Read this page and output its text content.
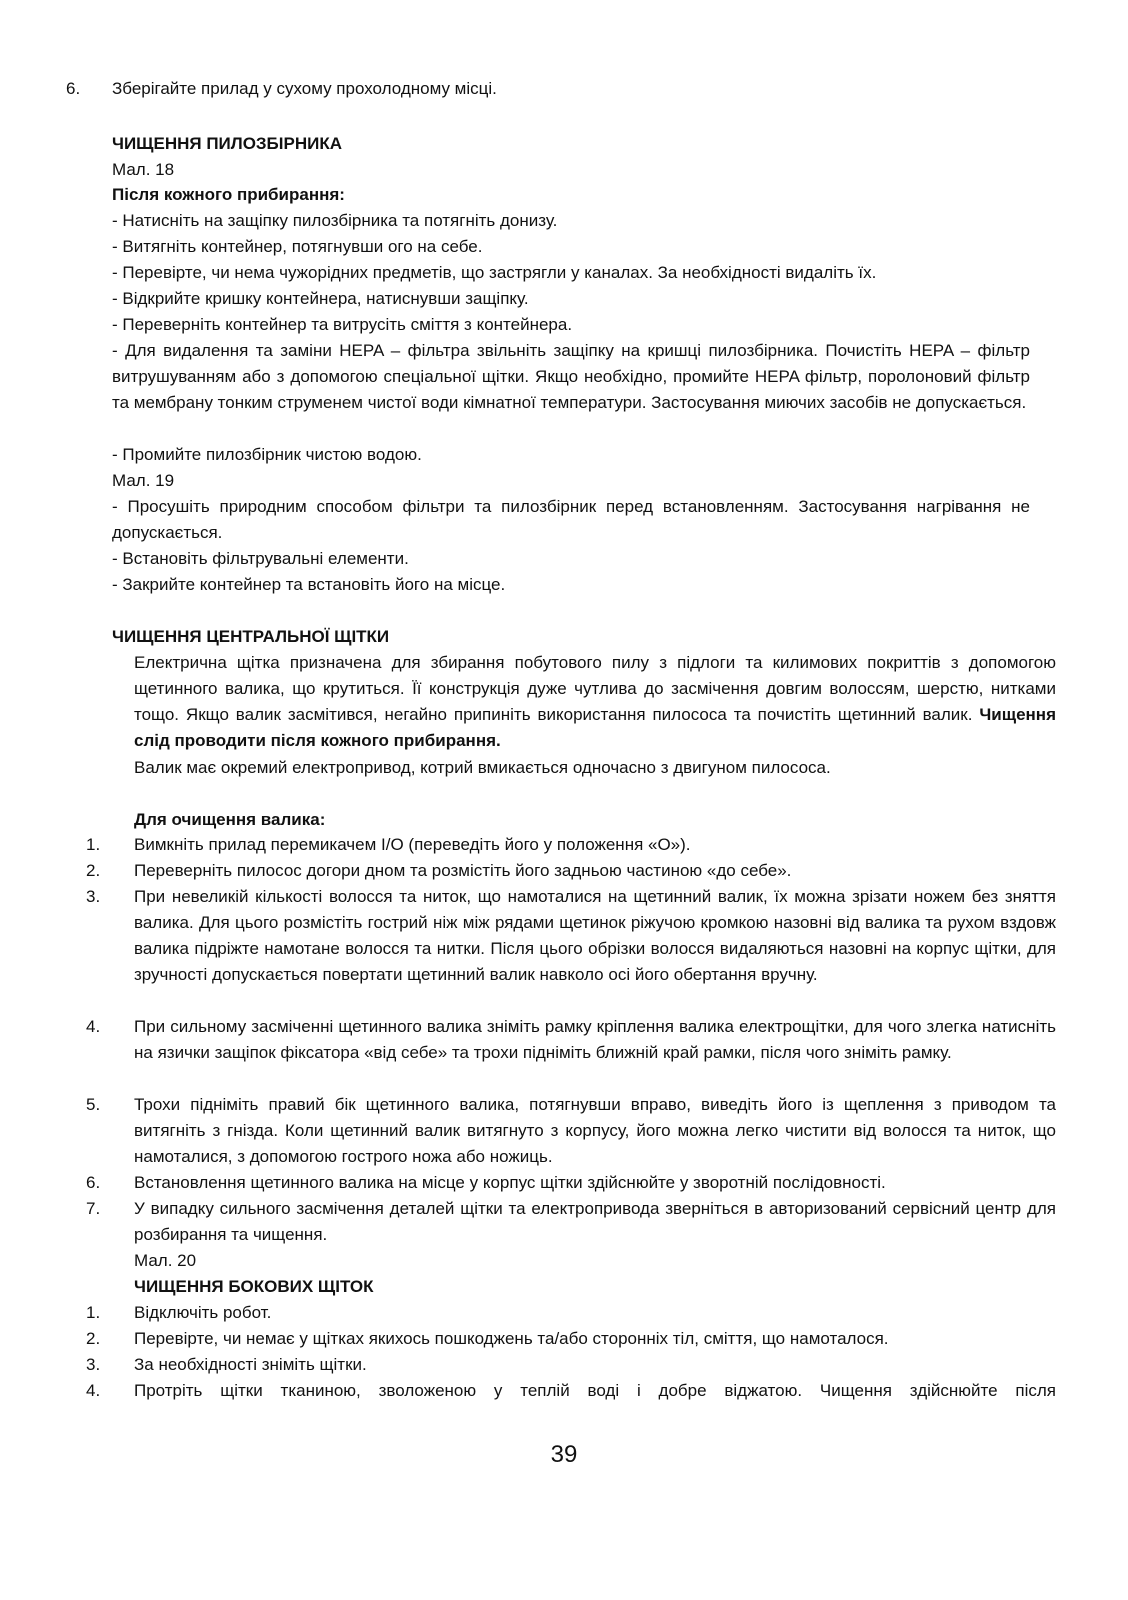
6. Зберігайте прилад у сухому прохолодному місці.
ЧИЩЕННЯ ПИЛОЗБІРНИКА
Мал. 18
Після кожного прибирання:
- Натисніть на защіпку пилозбірника та потягніть донизу.
- Витягніть контейнер, потягнувши ого на себе.
- Перевірте, чи нема чужорідних предметів, що застрягли у каналах. За необхідності видаліть їх.
- Відкрийте кришку контейнера, натиснувши защіпку.
- Переверніть контейнер та витрусіть сміття з контейнера.
- Для видалення та заміни HEPA – фільтра звільніть защіпку на кришці пилозбірника. Почистіть HEPA – фільтр витрушуванням або з допомогою спеціальної щітки. Якщо необхідно, промийте HEPA фільтр, поролоновий фільтр та мембрану тонким струменем чистої води кімнатної температури. Застосування миючих засобів не допускається.
- Промийте пилозбірник чистою водою.
Мал. 19
- Просушіть природним способом фільтри та пилозбірник перед встановленням. Застосування нагрівання не допускається.
- Встановіть фільтрувальні елементи.
- Закрийте контейнер та встановіть його на місце.
ЧИЩЕННЯ ЦЕНТРАЛЬНОЇ ЩІТКИ
Електрична щітка призначена для збирання побутового пилу з підлоги та килимових покриттів з допомогою щетинного валика, що крутиться. Її конструкція дуже чутлива до засмічення довгим волоссям, шерстю, нитками тощо. Якщо валик засмітився, негайно припиніть використання пилососа та почистіть щетинний валик. Чищення слід проводити після кожного прибирання.
Валик має окремий електропривод, котрий вмикається одночасно з двигуном пилососа.
Для очищення валика:
1. Вимкніть прилад перемикачем I/O (переведіть його у положення «О»).
2. Переверніть пилосос догори дном та розмістіть його задньою частиною «до себе».
3. При невеликій кількості волосся та ниток, що намоталися на щетинний валик, їх можна зрізати ножем без зняття валика. Для цього розмістіть гострий ніж між рядами щетинок ріжучою кромкою назовні від валика та рухом вздовж валика підріжте намотане волосся та нитки. Після цього обрізки волосся видаляються назовні на корпус щітки, для зручності допускається повертати щетинний валик навколо осі його обертання вручну.
4. При сильному засміченні щетинного валика зніміть рамку кріплення валика електрощітки, для чого злегка натисніть на язички защіпок фіксатора «від себе» та трохи підніміть ближній край рамки, після чого зніміть рамку.
5. Трохи підніміть правий бік щетинного валика, потягнувши вправо, виведіть його із щеплення з приводом та витягніть з гнізда. Коли щетинний валик витягнуто з корпусу, його можна легко чистити від волосся та ниток, що намоталися, з допомогою гострого ножа або ножиць.
6. Встановлення щетинного валика на місце у корпус щітки здійснюйте у зворотній послідовності.
7. У випадку сильного засмічення деталей щітки та електропривода зверніться в авторизований сервісний центр для розбирання та чищення.
Мал. 20
ЧИЩЕННЯ БОКОВИХ ЩІТОК
1. Відключіть робот.
2. Перевірте, чи немає у щітках якихось пошкоджень та/або сторонніх тіл, сміття, що намоталося.
3. За необхідності зніміть щітки.
4. Протріть щітки тканиною, зволоженою у теплій воді і добре віджатою. Чищення здійснюйте після
39
